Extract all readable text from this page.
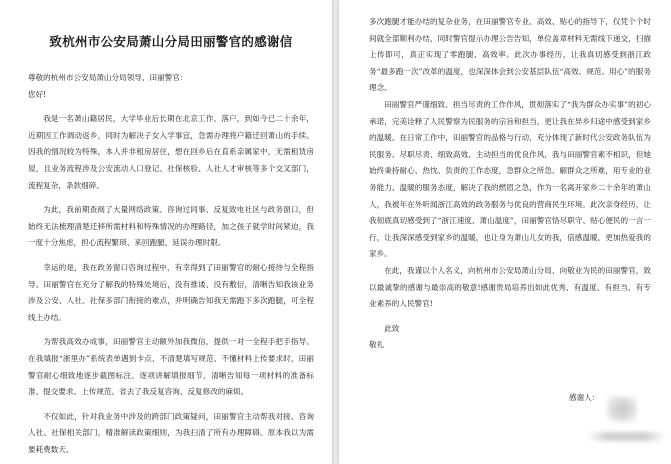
致杭州市公安局萧山分局田丽警官的感谢信

尊敬的杭州市公安局萧山分局领导、田丽警官：

您好!

我是一名萧山籍居民，大学毕业后长期在北京工作、落户，到如今已二十余年，近期因工作调动返乡，同时为解决子女入学事宜，急需办理将户籍迁回萧山的手续。因我的情况较为特殊，本人并非租房居住，想在回乡后在直系亲属家中，无需租赁房屋，且业务流程涉及公安流动人口登记、社保核验、人社人才审核等多个交叉部门，流程复杂，条款细碎。

为此，我前期查阅了大量网络政策、咨询过同事、反复致电社区与政务窗口，但始终无法梳理清楚迁移所需材料和特殊情况的办理路径，加之孩子就学时间紧迫，我一度十分焦虑，担心流程繁琐、来回跑腿、延误办理时限。

幸运的是，我在政务窗口咨询过程中，有幸得到了田丽警官的耐心接待与全程指导。田丽警官在充分了解我的特殊处境后，没有推诿、没有敷衍，清晰告知我该业务涉及公安、人社、社保多部门衔接的难点，并明确告知我无需跑下多次跑腿，可全程线上办结。

为帮我高效办成事，田丽警官主动额外加我微信，提供一对一全程手把手指导。在我填报“浙里办”系统表单遇到卡点、不清楚填写规范、不懂材料上传要求时，田丽警官耐心细致地逐步截图标注、逐项讲解填报细节，清晰告知每一项材料的准备标准、提交要求、上传规范。省去了我反复咨询、反复修改的麻烦。

不仅如此，针对我业务中涉及的跨部门政策疑问，田丽警官主动帮我对接、咨询人社、社保相关部门，精准解读政策细则，为我扫清了所有办理障碍。原本我以为需要耗费数天、

多次跑腿才能办结的复杂业务，在田丽警官专业、高效、贴心的指导下，仅凭个个时间就全部顺利办结，同时警官提示办理公告告知，单位盖章材料无需线下递交，扫描上传即可，真正实现了零跑腿、高效率。此次办事经历，让我真切感受到浙江政务“最多跑一次”改革的温度，也深深体会到公安基层队伍“高效、规范、用心”的服务理念。

田丽警官严谨细致、担当尽责的工作作风，贯彻落实了“我为群众办实事”的初心承诺，完美诠释了人民警察为民服务的宗旨和担当，更让我在异乡归途中感受到家乡的温暖。在日常工作中，田丽警官的品格与行动，充分体现了新时代公安政务队伍为民服务、尽职尽责、细致高效、主动担当的优良作风，我与田丽警官素不相识，但她始终秉持耐心、热忱、负责的工作态度，急群众之所急、解群众之所难，用专业的业务能力、温暖的服务态度，解决了我的燃眉之急，作为一名离开家乡二十余年的萧山人，我被年在外听闻浙江高效的政务服务与优良的营商民生环境。此次亲身经历，让我彻底真切感受到了“浙江速度、萧山温度”，田丽警官恪尽职守、贴心便民的一言一行，让我深深感受到家乡的温暖，也让身为萧山儿女的我，倍感温暖，更加热爱我的家乡。

在此，我谨以个人名义，向杭州市公安局萧山分局、向敬业为民的田丽警官，致以最诚挚的感谢与最崇高的敬意!感谢贵局培养出如此优秀、有温度、有担当、有专业素养的人民警官!

此致

敬礼

感谢人：
